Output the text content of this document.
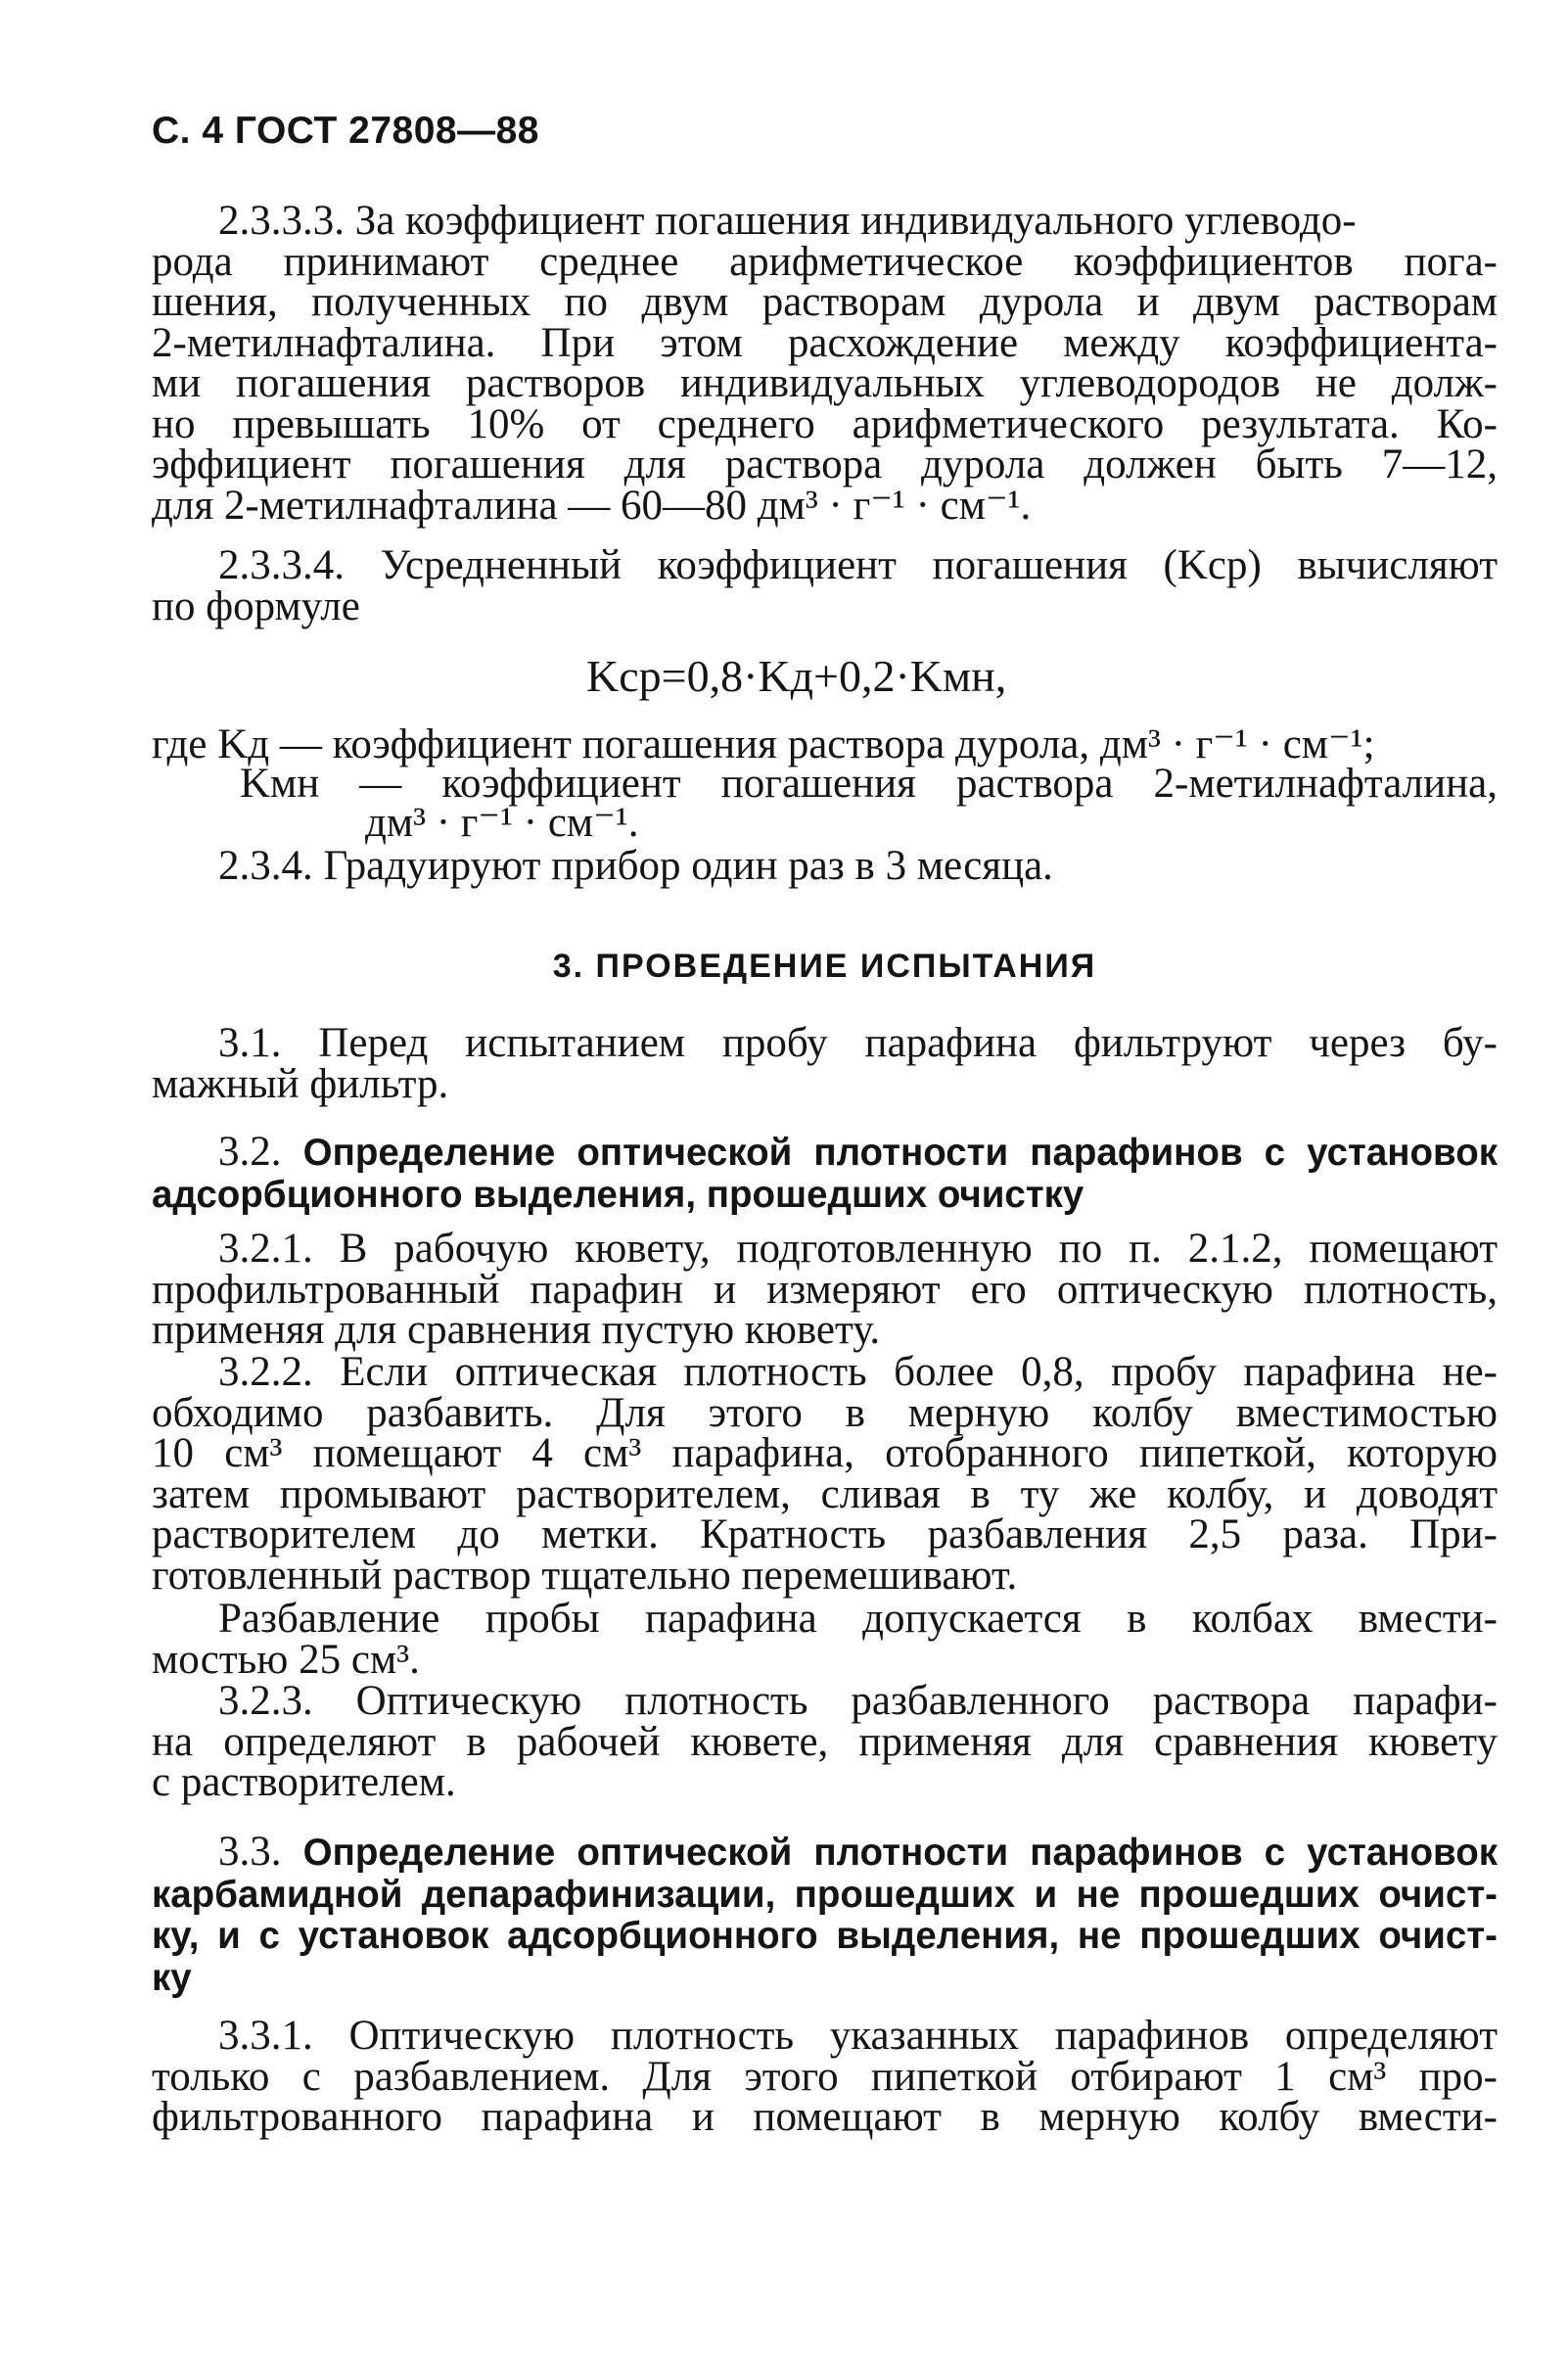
С. 4 ГОСТ 27808—88
2.3.3.3. За коэффициент погашения индивидуального углеводо-
рода принимают среднее арифметическое коэффициентов пога-
шения, полученных по двум растворам дурола и двум растворам
2-метилнафталина. При этом расхождение между коэффициента-
ми погашения растворов индивидуальных углеводородов не долж-
но превышать 10% от среднего арифметического результата. Ко-
эффициент погашения для раствора дурола должен быть 7—12,
для 2-метилнафталина — 60—80 дм³ · г⁻¹ · см⁻¹.
2.3.3.4. Усредненный коэффициент погашения (Kср) вычисляют
по формуле
Kср=0,8·Kд+0,2·Kмн,
где Kд — коэффициент погашения раствора дурола, дм³ · г⁻¹ · см⁻¹;
Kмн — коэффициент погашения раствора 2-метилнафталина,
дм³ · г⁻¹ · см⁻¹.
2.3.4. Градуируют прибор один раз в 3 месяца.
3. ПРОВЕДЕНИЕ ИСПЫТАНИЯ
3.1. Перед испытанием пробу парафина фильтруют через бу-
мажный фильтр.
3.2. Определение оптической плотности парафинов с установок
адсорбционного выделения, прошедших очистку
3.2.1. В рабочую кювету, подготовленную по п. 2.1.2, помещают
профильтрованный парафин и измеряют его оптическую плотность,
применяя для сравнения пустую кювету.
3.2.2. Если оптическая плотность более 0,8, пробу парафина не-
обходимо разбавить. Для этого в мерную колбу вместимостью
10 см³ помещают 4 см³ парафина, отобранного пипеткой, которую
затем промывают растворителем, сливая в ту же колбу, и доводят
растворителем до метки. Кратность разбавления 2,5 раза. При-
готовленный раствор тщательно перемешивают.
Разбавление пробы парафина допускается в колбах вмести-
мостью 25 см³.
3.2.3. Оптическую плотность разбавленного раствора парафи-
на определяют в рабочей кювете, применяя для сравнения кювету
с растворителем.
3.3. Определение оптической плотности парафинов с установок
карбамидной депарафинизации, прошедших и не прошедших очист-
ку, и с установок адсорбционного выделения, не прошедших очист-
ку
3.3.1. Оптическую плотность указанных парафинов определяют
только с разбавлением. Для этого пипеткой отбирают 1 см³ про-
фильтрованного парафина и помещают в мерную колбу вмести-
